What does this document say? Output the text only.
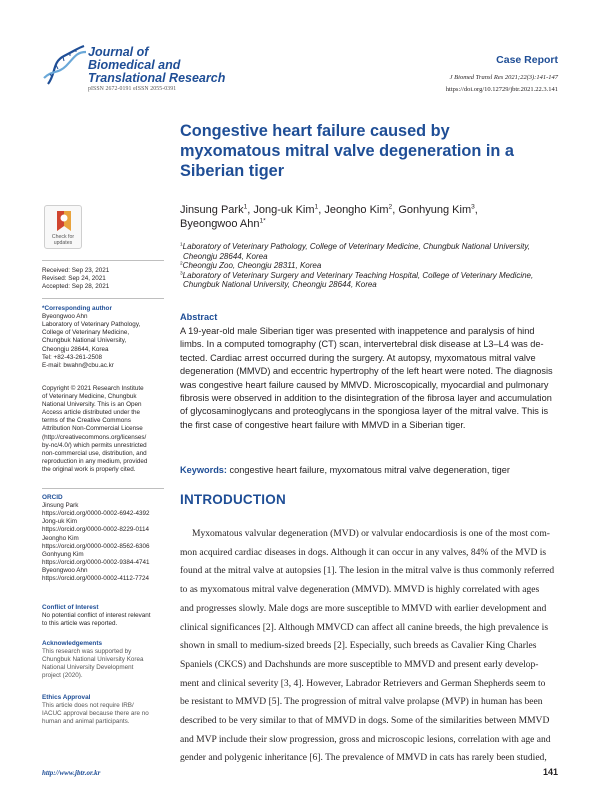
Journal of
Biomedical and
Translational Research
pISSN 2672-0191 eISSN 2055-0391
Case Report
J Biomed Transl Res 2021;22(3):141-147
https://doi.org/10.12729/jbtr.2021.22.3.141
Congestive heart failure caused by
myxomatous mitral valve degeneration in a
Siberian tiger
Jinsung Park$^1$, Jong-uk Kim$^1$, Jeongho Kim$^2$, Gonhyung Kim$^3$,
Byeongwoo Ahn$^{1*}$
$^1$Laboratory of Veterinary Pathology, College of Veterinary Medicine, Chungbuk National University,
Cheongju 28644, Korea
$^2$Cheongju Zoo, Cheongju 28311, Korea
$^3$Laboratory of Veterinary Surgery and Veterinary Teaching Hospital, College of Veterinary Medicine,
Chungbuk National University, Cheongju 28644, Korea
Check for
updates
Received: Sep 23, 2021
Revised: Sep 24, 2021
Accepted: Sep 28, 2021
*Corresponding author
Byeongwoo Ahn
Laboratory of Veterinary Pathology,
College of Veterinary Medicine,
Chungbuk National University,
Cheongju 28644, Korea
Tel: +82-43-261-2508
E-mail: bwahn@cbu.ac.kr
Copyright © 2021 Research Institute
of Veterinary Medicine, Chungbuk
National University. This is an Open
Access article distributed under the
terms of the Creative Commons
Attribution Non-Commercial License
(http://creativecommons.org/licenses/
by-nc/4.0/) which permits unrestricted
non-commercial use, distribution, and
reproduction in any medium, provided
the original work is properly cited.
ORCID
Jinsung Park
https://orcid.org/0000-0002-6942-4392
Jong-uk Kim
https://orcid.org/0000-0002-8229-0114
Jeongho Kim
https://orcid.org/0000-0002-8562-6306
Gonhyung Kim
https://orcid.org/0000-0002-9384-4741
Byeongwoo Ahn
https://orcid.org/0000-0002-4112-7724
Conflict of Interest
No potential conflict of interest relevant
to this article was reported.
Acknowledgements
This research was supported by
Chungbuk National University Korea
National University Development
project (2020).
Ethics Approval
This article does not require IRB/
IACUC approval because there are no
human and animal participants.
Abstract
A 19-year-old male Siberian tiger was presented with inappetence and paralysis of hind
limbs. In a computed tomography (CT) scan, intervertebral disk disease at L3–L4 was de-
tected. Cardiac arrest occurred during the surgery. At autopsy, myxomatous mitral valve
degeneration (MMVD) and eccentric hypertrophy of the left heart were noted. The diagnosis
was congestive heart failure caused by MMVD. Microscopically, myocardial and pulmonary
fibrosis were observed in addition to the disintegration of the fibrosa layer and accumulation
of glycosaminoglycans and proteoglycans in the spongiosa layer of the mitral valve. This is
the first case of congestive heart failure with MMVD in a Siberian tiger.
Keywords: congestive heart failure, myxomatous mitral valve degeneration, tiger
INTRODUCTION
Myxomatous valvular degeneration (MVD) or valvular endocardiosis is one of the most com-
mon acquired cardiac diseases in dogs. Although it can occur in any valves, 84% of the MVD is
found at the mitral valve at autopsies [1]. The lesion in the mitral valve is thus commonly referred
to as myxomatous mitral valve degeneration (MMVD). MMVD is highly correlated with ages
and progresses slowly. Male dogs are more susceptible to MMVD with earlier development and
clinical significances [2]. Although MMVCD can affect all canine breeds, the high prevalence is
shown in small to medium-sized breeds [2]. Especially, such breeds as Cavalier King Charles
Spaniels (CKCS) and Dachshunds are more susceptible to MMVD and present early develop-
ment and clinical severity [3, 4]. However, Labrador Retrievers and German Shepherds seem to
be resistant to MMVD [5]. The progression of mitral valve prolapse (MVP) in human has been
described to be very similar to that of MMVD in dogs. Some of the similarities between MMVD
and MVP include their slow progression, gross and microscopic lesions, correlation with age and
gender and polygenic inheritance [6]. The prevalence of MMVD in cats has rarely been studied,
http://www.jbtr.or.kr	141
